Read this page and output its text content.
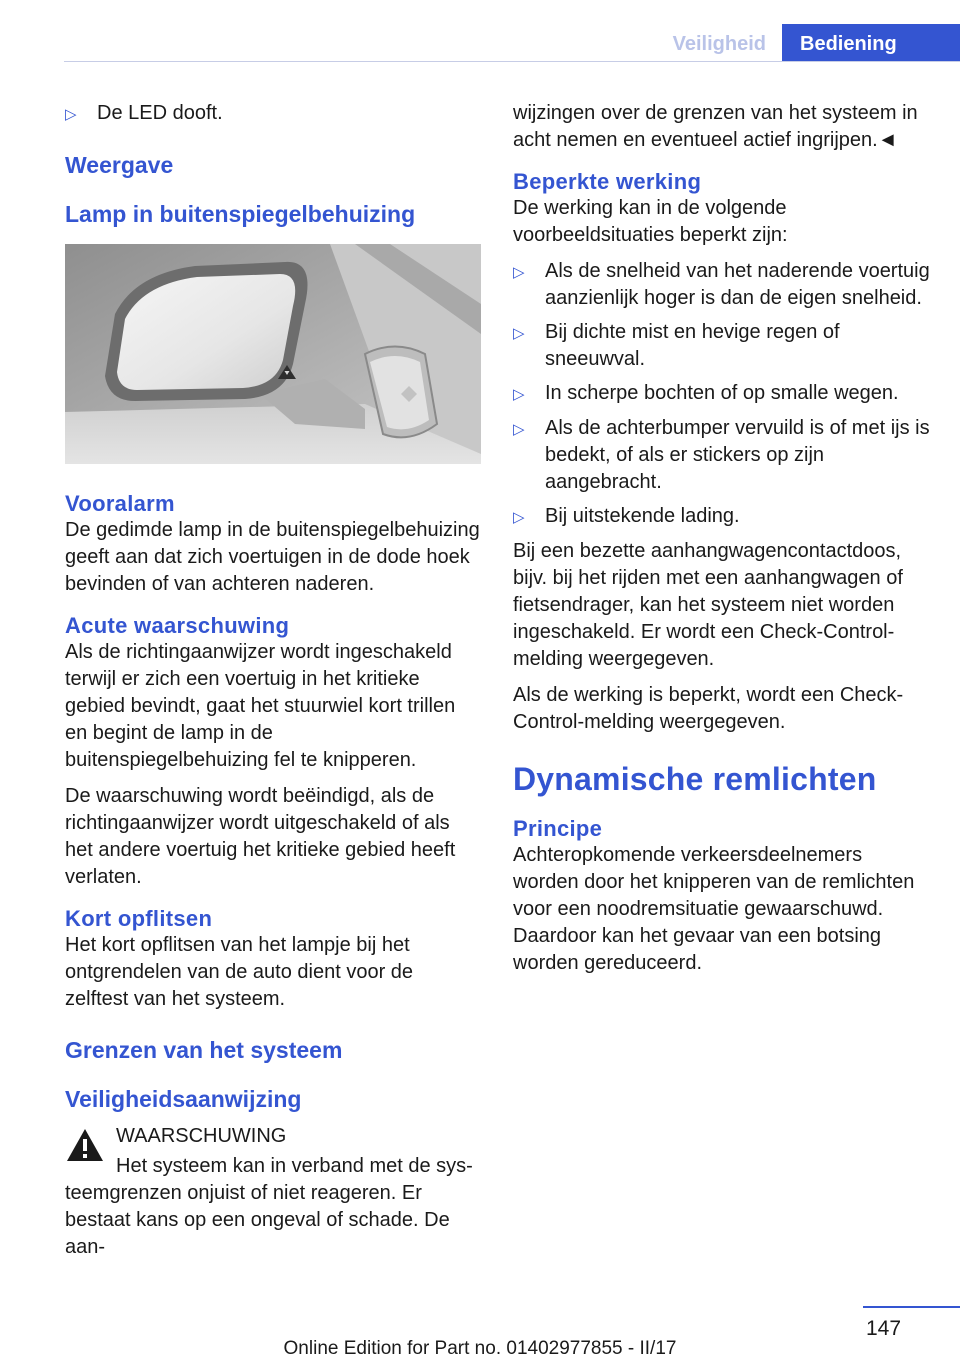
Veiligheid	Bediening
▷	De LED dooft.
Weergave
Lamp in buitenspiegelbehuizing
Vooralarm

De gedimde lamp in de buitenspiegelbehuizing geeft aan dat zich voertuigen in de dode hoek bevinden of van achteren naderen.

Acute waarschuwing

Als de richtingaanwijzer wordt ingeschakeld terwijl er zich een voertuig in het kritieke gebied bevindt, gaat het stuurwiel kort trillen en begint de lamp in de buitenspiegelbehuizing fel te knipperen.

De waarschuwing wordt beëindigd, als de richtingaanwijzer wordt uitgeschakeld of als het andere voertuig het kritieke gebied heeft verlaten.

Kort opflitsen

Het kort opflitsen van het lampje bij het ontgrendelen van de auto dient voor de zelftest van het systeem.

Grenzen van het systeem
Veiligheidsaanwijzing
WAARSCHUWING
Het systeem kan in verband met de sys-
teemgrenzen onjuist of niet reageren. Er bestaat kans op een ongeval of schade. De aan-

wijzingen over de grenzen van het systeem in acht nemen en eventueel actief ingrijpen.◄

Beperkte werking

De werking kan in de volgende voorbeeldsituaties beperkt zijn:

▷	Als de snelheid van het naderende voertuig aanzienlijk hoger is dan de eigen snelheid.
▷	Bij dichte mist en hevige regen of sneeuwval.
▷	In scherpe bochten of op smalle wegen.
▷	Als de achterbumper vervuild is of met ijs is bedekt, of als er stickers op zijn aangebracht.
▷	Bij uitstekende lading.

Bij een bezette aanhangwagencontactdoos, bijv. bij het rijden met een aanhangwagen of fietsendrager, kan het systeem niet worden ingeschakeld. Er wordt een Check-Control-melding weergegeven.

Als de werking is beperkt, wordt een Check-Control-melding weergegeven.

Dynamische remlichten
Principe

Achteropkomende verkeersdeelnemers worden door het knipperen van de remlichten voor een noodremsituatie gewaarschuwd. Daardoor kan het gevaar van een botsing worden gereduceerd.

147
Online Edition for Part no. 01402977855 - II/17
